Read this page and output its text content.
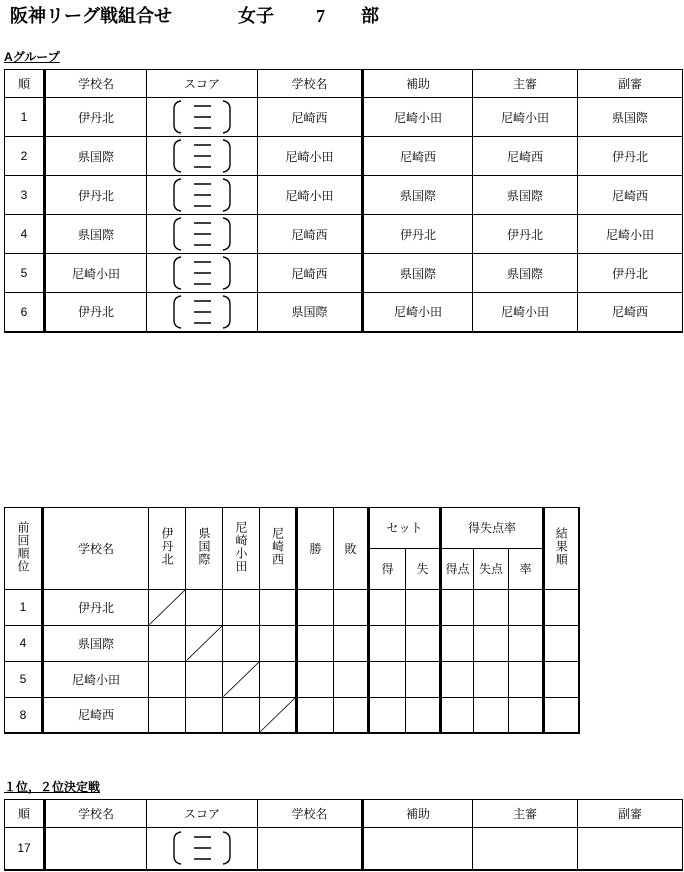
阪神リーグ戦組合せ	女子 7 部
Aグループ
順	学校名	スコア	学校名	補助	主審	副審
1	伊丹北		尼崎西	尼崎小田	尼崎小田	県国際
2	県国際		尼崎小田	尼崎西	尼崎西	伊丹北
3	伊丹北		尼崎小田	県国際	県国際	尼崎西
4	県国際		尼崎西	伊丹北	伊丹北	尼崎小田
5	尼崎小田		尼崎西	県国際	県国際	伊丹北
6	伊丹北		県国際	尼崎小田	尼崎小田	尼崎西
前回順位	学校名	伊丹北	県国際	尼崎小田	尼崎西	勝	敗	セット		得失点率			結果順
								得	失	得点	失点	率	
1	伊丹北												
4	県国際												
5	尼崎小田												
8	尼崎西												
１位，２位決定戦
順	学校名	スコア	学校名	補助	主審	副審
17		
